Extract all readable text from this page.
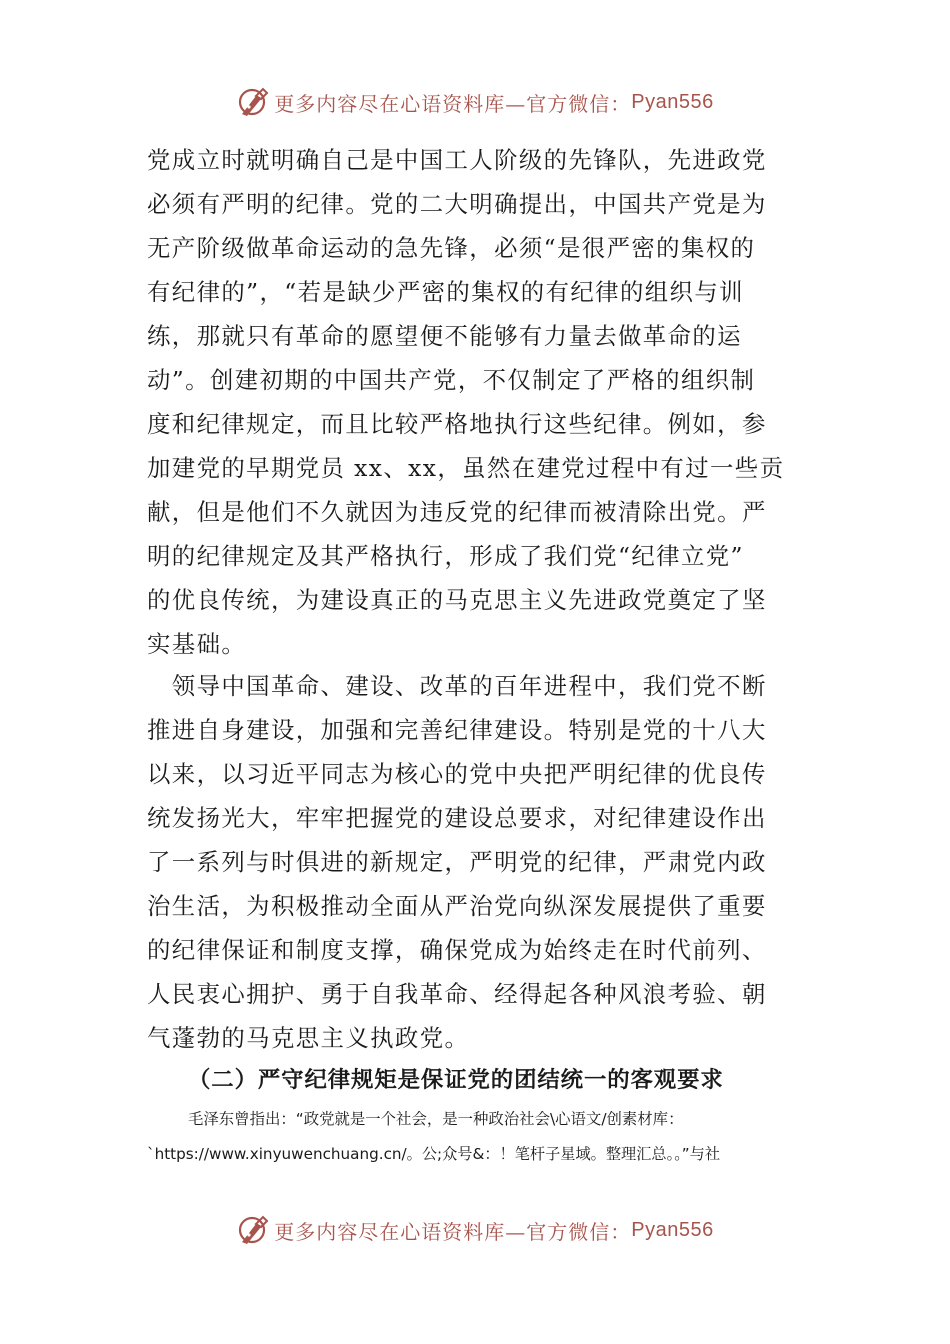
更多内容尽在心语资料库—官方微信： Pyan556
党成立时就明确自己是中国工人阶级的先锋队，先进政党
必须有严明的纪律。党的二大明确提出，中国共产党是为
无产阶级做革命运动的急先锋，必须“是很严密的集权的
有纪律的”，“若是缺少严密的集权的有纪律的组织与训
练，那就只有革命的愿望便不能够有力量去做革命的运
动”。创建初期的中国共产党，不仅制定了严格的组织制
度和纪律规定，而且比较严格地执行这些纪律。例如，参
加建党的早期党员 xx、xx，虽然在建党过程中有过一些贡
献，但是他们不久就因为违反党的纪律而被清除出党。严
明的纪律规定及其严格执行，形成了我们党“纪律立党”
的优良传统，为建设真正的马克思主义先进政党奠定了坚
实基础。
　领导中国革命、建设、改革的百年进程中，我们党不断
推进自身建设，加强和完善纪律建设。特别是党的十八大
以来，以习近平同志为核心的党中央把严明纪律的优良传
统发扬光大，牢牢把握党的建设总要求，对纪律建设作出
了一系列与时俱进的新规定，严明党的纪律，严肃党内政
治生活，为积极推动全面从严治党向纵深发展提供了重要
的纪律保证和制度支撑，确保党成为始终走在时代前列、
人民衷心拥护、勇于自我革命、经得起各种风浪考验、朝
气蓬勃的马克思主义执政党。
（二）严守纪律规矩是保证党的团结统一的客观要求
毛泽东曾指出：“政党就是一个社会，是一种政治社会\心语文/创素材库：
`https://www.xinyuwenchuang.cn/。公;众号&：！笔杆子星域。整理汇总。。”与社
更多内容尽在心语资料库—官方微信： Pyan556
